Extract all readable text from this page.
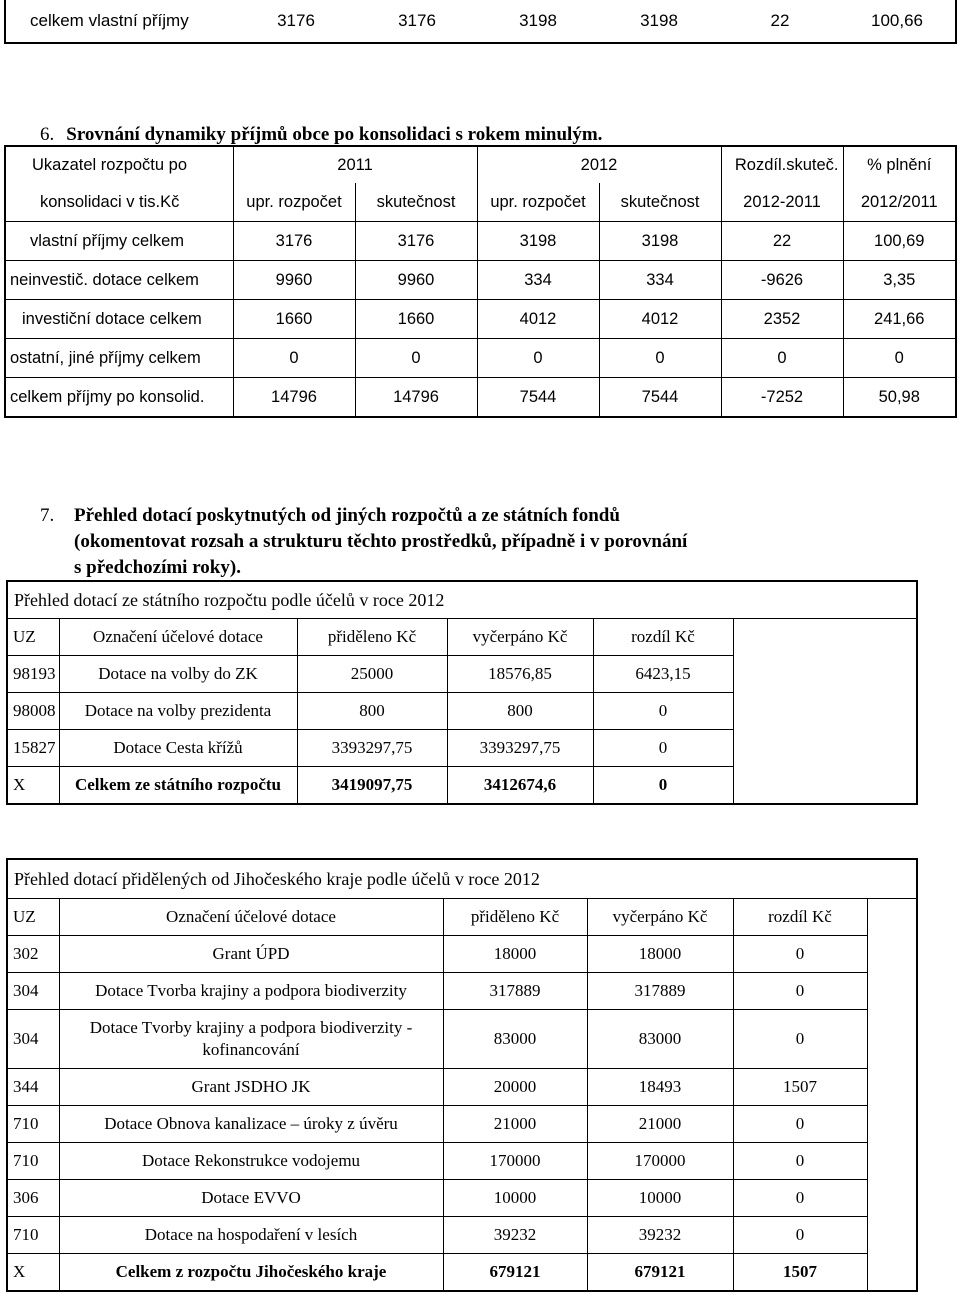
celkem vlastní příjmy	3176	3176	3198	3198	22	100,66
6. Srovnání dynamiky příjmů obce po konsolidaci s rokem minulým.
Ukazatel rozpočtu po	2011		2012		Rozdíl.skuteč.	% plnění
konsolidaci v tis.Kč	upr. rozpočet	skutečnost	upr. rozpočet	skutečnost	2012-2011	2012/2011
vlastní příjmy celkem	3176	3176	3198	3198	22	100,69
neinvestič. dotace celkem	9960	9960	334	334	-9626	3,35
investiční dotace celkem	1660	1660	4012	4012	2352	241,66
ostatní, jiné příjmy celkem	0	0	0	0	0	0
celkem příjmy po konsolid.	14796	14796	7544	7544	-7252	50,98
7. Přehled dotací poskytnutých od jiných rozpočtů a ze státních fondů
(okomentovat rozsah a strukturu těchto prostředků, případně i v porovnání
s předchozími roky).
Přehled dotací ze státního rozpočtu podle účelů v roce 2012					
UZ	Označení účelové dotace	přiděleno Kč	vyčerpáno Kč	rozdíl Kč	
98193	Dotace na volby do ZK	25000	18576,85	6423,15	
98008	Dotace na volby prezidenta	800	800	0	
15827	Dotace Cesta křížů	3393297,75	3393297,75	0	
X	Celkem ze státního rozpočtu	3419097,75	3412674,6	0	
Přehled dotací přidělených od Jihočeského kraje podle účelů v roce 2012					
UZ	Označení účelové dotace	přiděleno Kč	vyčerpáno Kč	rozdíl Kč	
302	Grant ÚPD	18000	18000	0	
304	Dotace Tvorba krajiny a podpora biodiverzity	317889	317889	0	
304	Dotace Tvorby krajiny a podpora biodiverzity - kofinancování	83000	83000	0	
344	Grant JSDHO JK	20000	18493	1507	
710	Dotace Obnova kanalizace – úroky z úvěru	21000	21000	0	
710	Dotace Rekonstrukce vodojemu	170000	170000	0	
306	Dotace EVVO	10000	10000	0	
710	Dotace na hospodaření v lesích	39232	39232	0	
X	Celkem z rozpočtu Jihočeského kraje	679121	679121	1507	
